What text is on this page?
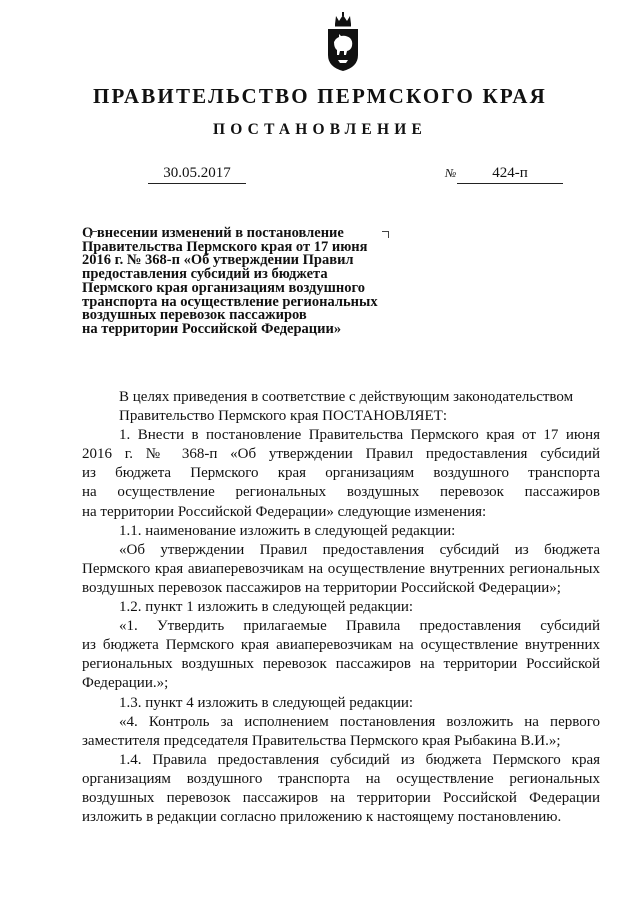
ПРАВИТЕЛЬСТВО ПЕРМСКОГО КРАЯ
ПОСТАНОВЛЕНИЕ
30.05.2017	№	424-п
О внесении изменений в постановление
Правительства Пермского края от 17 июня
2016 г. № 368-п «Об утверждении Правил
предоставления субсидий из бюджета
Пермского края организациям воздушного
транспорта на осуществление региональных
воздушных перевозок пассажиров
на территории Российской Федерации»
В целях приведения в соответствие с действующим законодательством
Правительство Пермского края ПОСТАНОВЛЯЕТ:
1. Внести в постановление Правительства Пермского края от 17 июня
2016 г. № 368-п «Об утверждении Правил предоставления субсидий
из бюджета Пермского края организациям воздушного транспорта
на осуществление региональных воздушных перевозок пассажиров
на территории Российской Федерации» следующие изменения:
1.1. наименование изложить в следующей редакции:
«Об утверждении Правил предоставления субсидий из бюджета
Пермского края авиаперевозчикам на осуществление внутренних региональных
воздушных перевозок пассажиров на территории Российской Федерации»;
1.2. пункт 1 изложить в следующей редакции:
«1. Утвердить прилагаемые Правила предоставления субсидий
из бюджета Пермского края авиаперевозчикам на осуществление внутренних
региональных воздушных перевозок пассажиров на территории Российской
Федерации.»;
1.3. пункт 4 изложить в следующей редакции:
«4. Контроль за исполнением постановления возложить на первого
заместителя председателя Правительства Пермского края Рыбакина В.И.»;
1.4. Правила предоставления субсидий из бюджета Пермского края
организациям воздушного транспорта на осуществление региональных
воздушных перевозок пассажиров на территории Российской Федерации
изложить в редакции согласно приложению к настоящему постановлению.
